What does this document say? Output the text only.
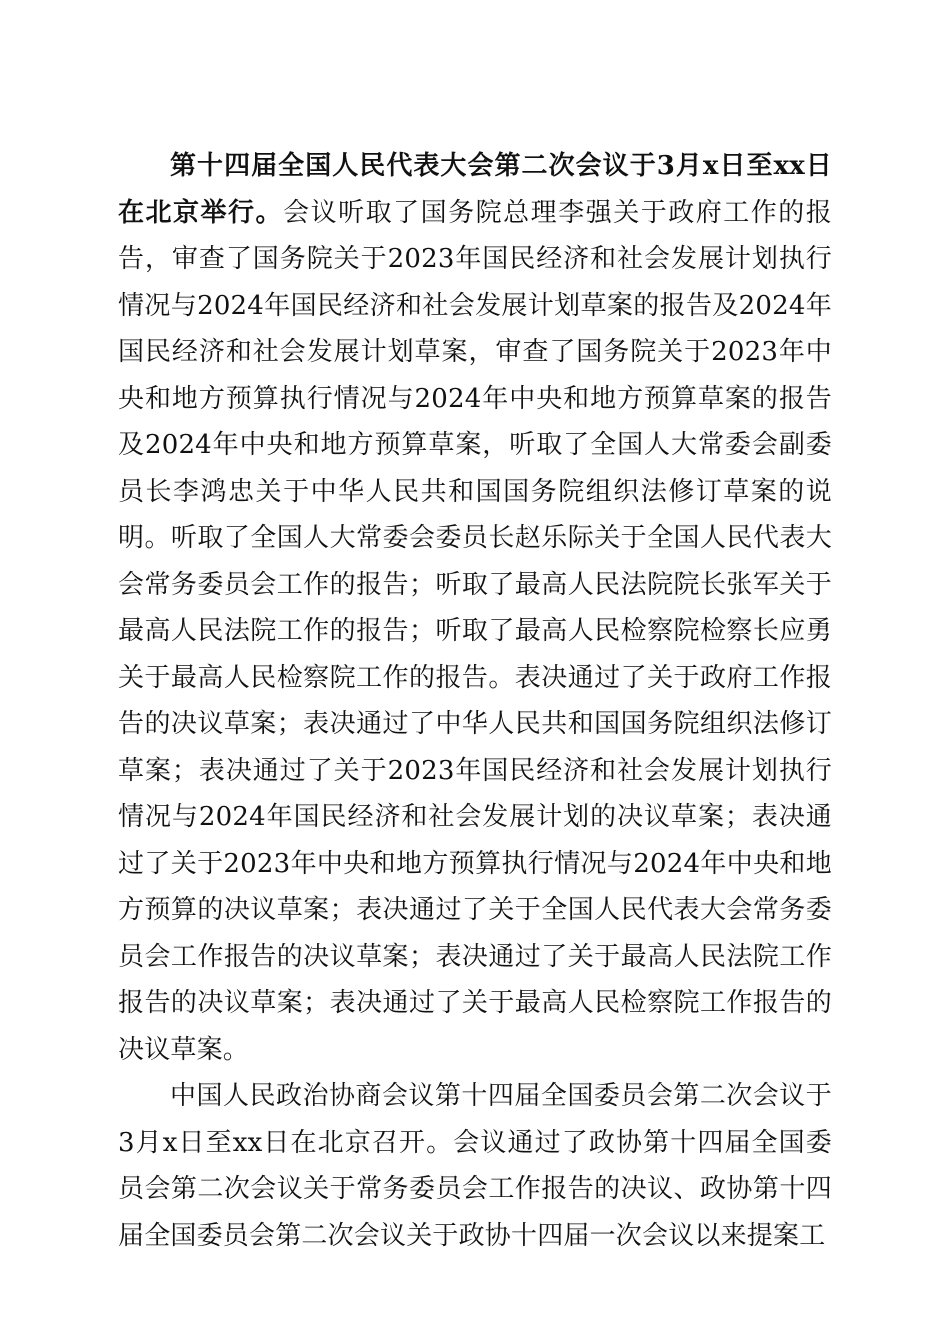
第十四届全国人民代表大会第二次会议于3月x日至xx日在北京举行。会议听取了国务院总理李强关于政府工作的报告，审查了国务院关于2023年国民经济和社会发展计划执行情况与2024年国民经济和社会发展计划草案的报告及2024年国民经济和社会发展计划草案，审查了国务院关于2023年中央和地方预算执行情况与2024年中央和地方预算草案的报告及2024年中央和地方预算草案，听取了全国人大常委会副委员长李鸿忠关于中华人民共和国国务院组织法修订草案的说明。听取了全国人大常委会委员长赵乐际关于全国人民代表大会常务委员会工作的报告；听取了最高人民法院院长张军关于最高人民法院工作的报告；听取了最高人民检察院检察长应勇关于最高人民检察院工作的报告。表决通过了关于政府工作报告的决议草案；表决通过了中华人民共和国国务院组织法修订草案；表决通过了关于2023年国民经济和社会发展计划执行情况与2024年国民经济和社会发展计划的决议草案；表决通过了关于2023年中央和地方预算执行情况与2024年中央和地方预算的决议草案；表决通过了关于全国人民代表大会常务委员会工作报告的决议草案；表决通过了关于最高人民法院工作报告的决议草案；表决通过了关于最高人民检察院工作报告的决议草案。

中国人民政治协商会议第十四届全国委员会第二次会议于3月x日至xx日在北京召开。会议通过了政协第十四届全国委员会第二次会议关于常务委员会工作报告的决议、政协第十四届全国委员会第二次会议关于政协十四届一次会议以来提案工
